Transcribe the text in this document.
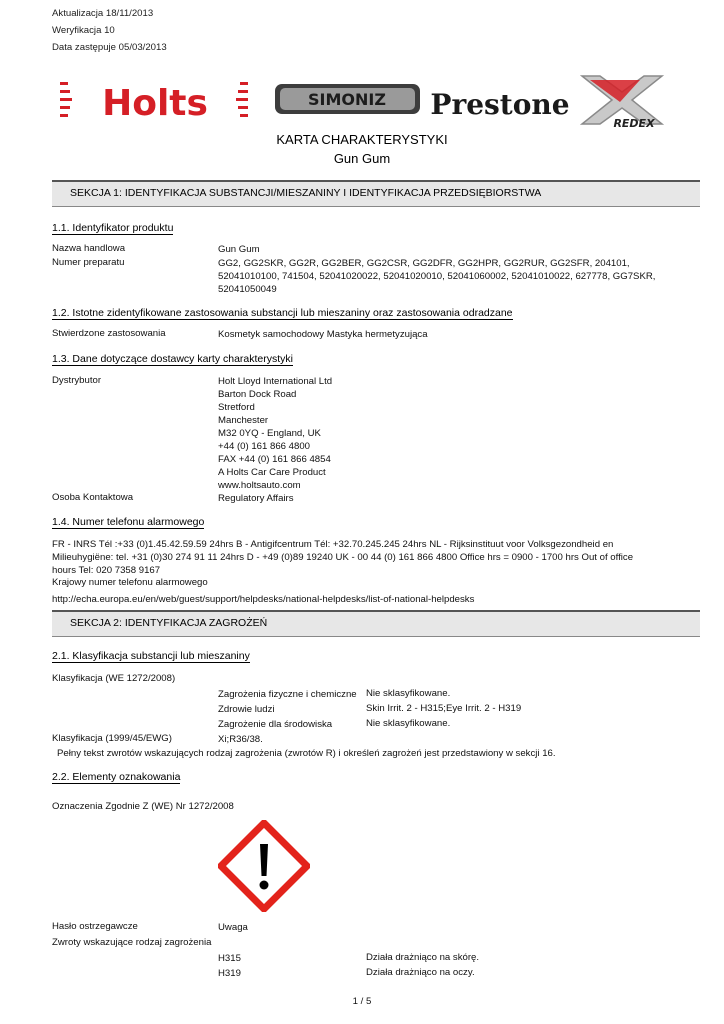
Aktualizacja 18/11/2013
Weryfikacja 10
Data zastępuje 05/03/2013
Holts	SIMONIZ Prestone
REDEX
KARTA CHARAKTERYSTYKI
Gun Gum
SEKCJA 1: IDENTYFIKACJA SUBSTANCJI/MIESZANINY I IDENTYFIKACJA PRZEDSIĘBIORSTWA
1.1. Identyfikator produktu
Nazwa handlowa	Gun Gum
Numer preparatu	GG2, GG2SKR, GG2R, GG2BER, GG2CSR, GG2DFR, GG2HPR, GG2RUR, GG2SFR, 204101,
52041010100, 741504, 52041020022, 52041020010, 52041060002, 52041010022, 627778, GG7SKR,
52041050049
1.2. Istotne zidentyfikowane zastosowania substancji lub mieszaniny oraz zastosowania odradzane
Stwierdzone zastosowania	Kosmetyk samochodowy Mastyka hermetyzująca
1.3. Dane dotyczące dostawcy karty charakterystyki
Dystrybutor	Holt Lloyd International Ltd
Barton Dock Road
Stretford
Manchester
M32 0YQ - England, UK
+44 (0) 161 866 4800
FAX +44 (0) 161 866 4854
A Holts Car Care Product
www.holtsauto.com
Osoba Kontaktowa	Regulatory Affairs
1.4. Numer telefonu alarmowego
FR - INRS Tél :+33 (0)1.45.42.59.59 24hrs B - Antigifcentrum Tél: +32.70.245.245 24hrs NL - Rijksinstituut voor Volksgezondheid en
Milieuhygiëne: tel. +31 (0)30 274 91 11 24hrs D - +49 (0)89 19240 UK - 00 44 (0) 161 866 4800 Office hrs = 0900 - 1700 hrs Out of office
hours Tel: 020 7358 9167
Krajowy numer telefonu alarmowego
http://echa.europa.eu/en/web/guest/support/helpdesks/national-helpdesks/list-of-national-helpdesks
SEKCJA 2: IDENTYFIKACJA ZAGROŻEŃ
2.1. Klasyfikacja substancji lub mieszaniny
Klasyfikacja (WE 1272/2008)
Zagrożenia fizyczne i chemiczne Nie sklasyfikowane.
Zdrowie ludzi	Skin Irrit. 2 - H315;Eye Irrit. 2 - H319
Zagrożenie dla środowiska	Nie sklasyfikowane.
Klasyfikacja (1999/45/EWG)	Xi;R36/38.
Pełny tekst zwrotów wskazujących rodzaj zagrożenia (zwrotów R) i określeń zagrożeń jest przedstawiony w sekcji 16.
2.2. Elementy oznakowania
Oznaczenia Zgodnie Z (WE) Nr 1272/2008
Hasło ostrzegawcze	Uwaga
Zwroty wskazujące rodzaj zagrożenia
H315	Działa drażniąco na skórę.
H319	Działa drażniąco na oczy.
1 / 5
